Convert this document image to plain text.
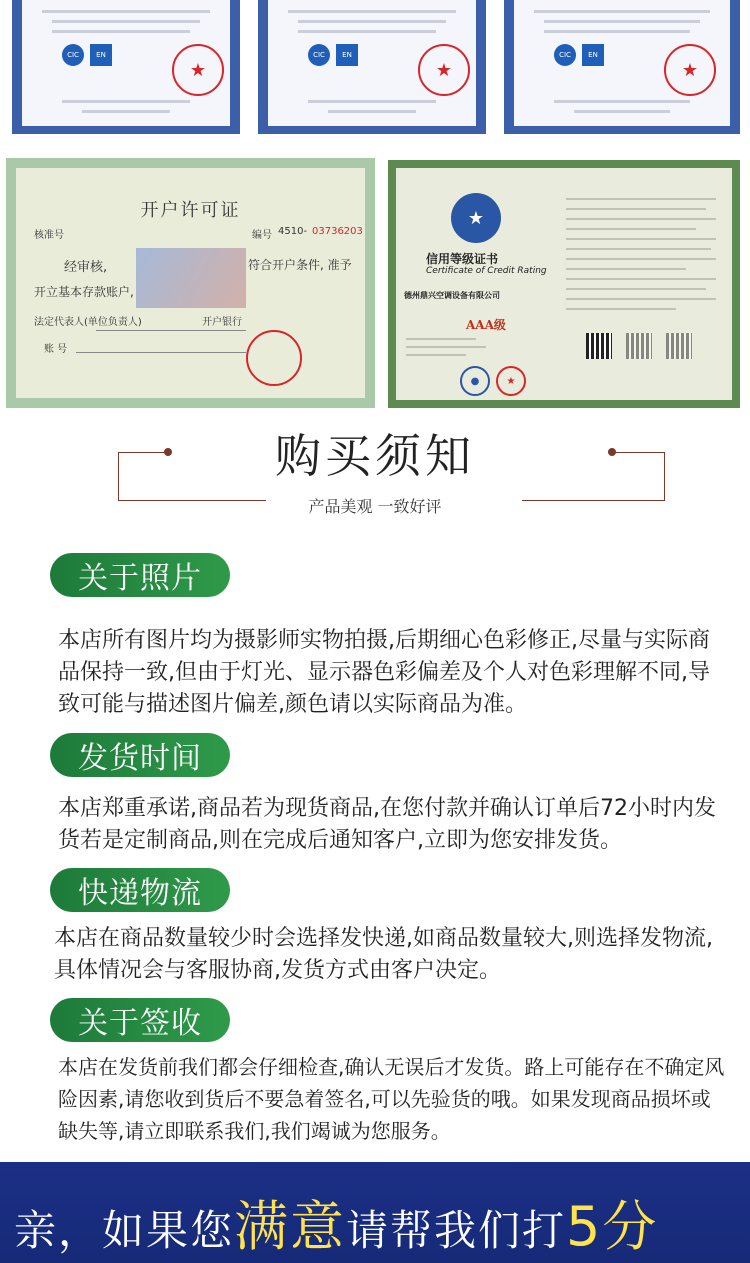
CIC	EN
★
CIC	EN
★
CIC	EN
★
开户许可证
核准号	编号 4510- 03736203
经审核,	符合开户条件, 准予
开立基本存款账户,
法定代表人(单位负责人)	开户银行
账 号
★
信用等级证书
Certificate of Credit Rating
德州鼎兴空调设备有限公司
AAA级
●	★
购买须知
产品美观 一致好评
关于照片
本店所有图片均为摄影师实物拍摄,后期细心色彩修正,尽量与实际商品保持一致,但由于灯光、显示器色彩偏差及个人对色彩理解不同,导致可能与描述图片偏差,颜色请以实际商品为准。
发货时间
本店郑重承诺,商品若为现货商品,在您付款并确认订单后72小时内发货若是定制商品,则在完成后通知客户,立即为您安排发货。
快递物流
本店在商品数量较少时会选择发快递,如商品数量较大,则选择发物流,具体情况会与客服协商,发货方式由客户决定。
关于签收
本店在发货前我们都会仔细检查,确认无误后才发货。路上可能存在不确定风险因素,请您收到货后不要急着签名,可以先验货的哦。如果发现商品损坏或缺失等,请立即联系我们,我们竭诚为您服务。
亲，如果您满意请帮我们打5分
